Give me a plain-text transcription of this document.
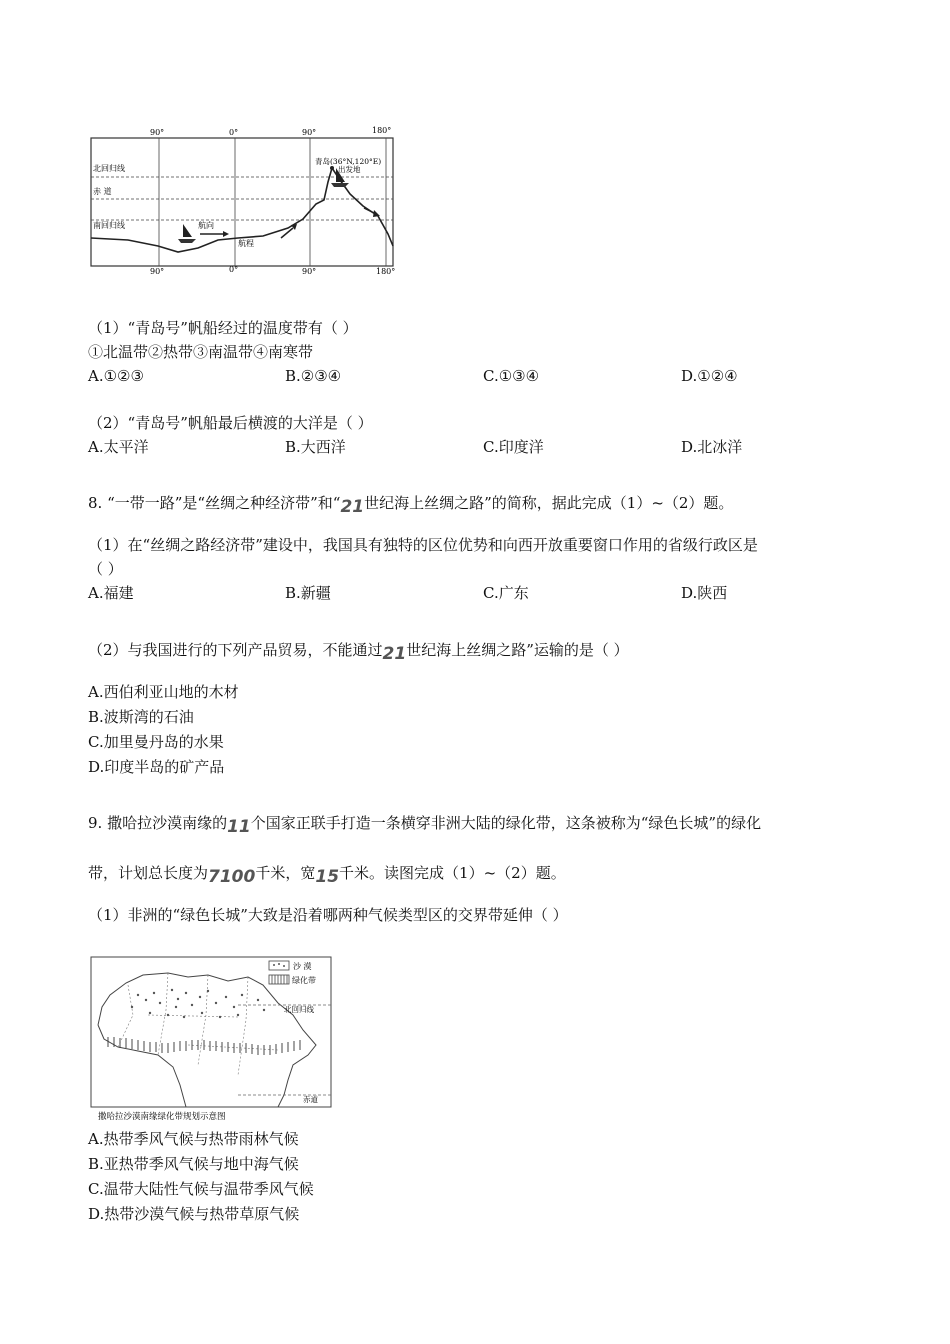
90°	0°	90°	180°
90°	0°	90°	180°
北回归线
赤 道
南回归线
青岛(36°N,120°E)
出发地
航向
航程
（1）“青岛号”帆船经过的温度带有（ ）
①北温带②热带③南温带④南寒带
A.①②③	B.②③④	C.①③④	D.①②④
（2）“青岛号”帆船最后横渡的大洋是（ ）
A.太平洋	B.大西洋	C.印度洋	D.北冰洋
8. “一带一路”是“丝绸之种经济带”和“21世纪海上丝绸之路”的简称，据此完成（1）~（2）题。
（1）在“丝绸之路经济带”建设中，我国具有独特的区位优势和向西开放重要窗口作用的省级行政区是
（ ）
A.福建	B.新疆	C.广东	D.陕西
（2）与我国进行的下列产品贸易，不能通过21世纪海上丝绸之路”运输的是（ ）
A.西伯利亚山地的木材
B.波斯湾的石油
C.加里曼丹岛的水果
D.印度半岛的矿产品
9. 撒哈拉沙漠南缘的11个国家正联手打造一条横穿非洲大陆的绿化带，这条被称为“绿色长城”的绿化
带，计划总长度为7100千米，宽15千米。读图完成（1）~（2）题。
（1）非洲的“绿色长城”大致是沿着哪两种气候类型区的交界带延伸（ ）
沙 漠
绿化带
北回归线
赤道
撒哈拉沙漠南缘绿化带规划示意图
A.热带季风气候与热带雨林气候
B.亚热带季风气候与地中海气候
C.温带大陆性气候与温带季风气候
D.热带沙漠气候与热带草原气候
